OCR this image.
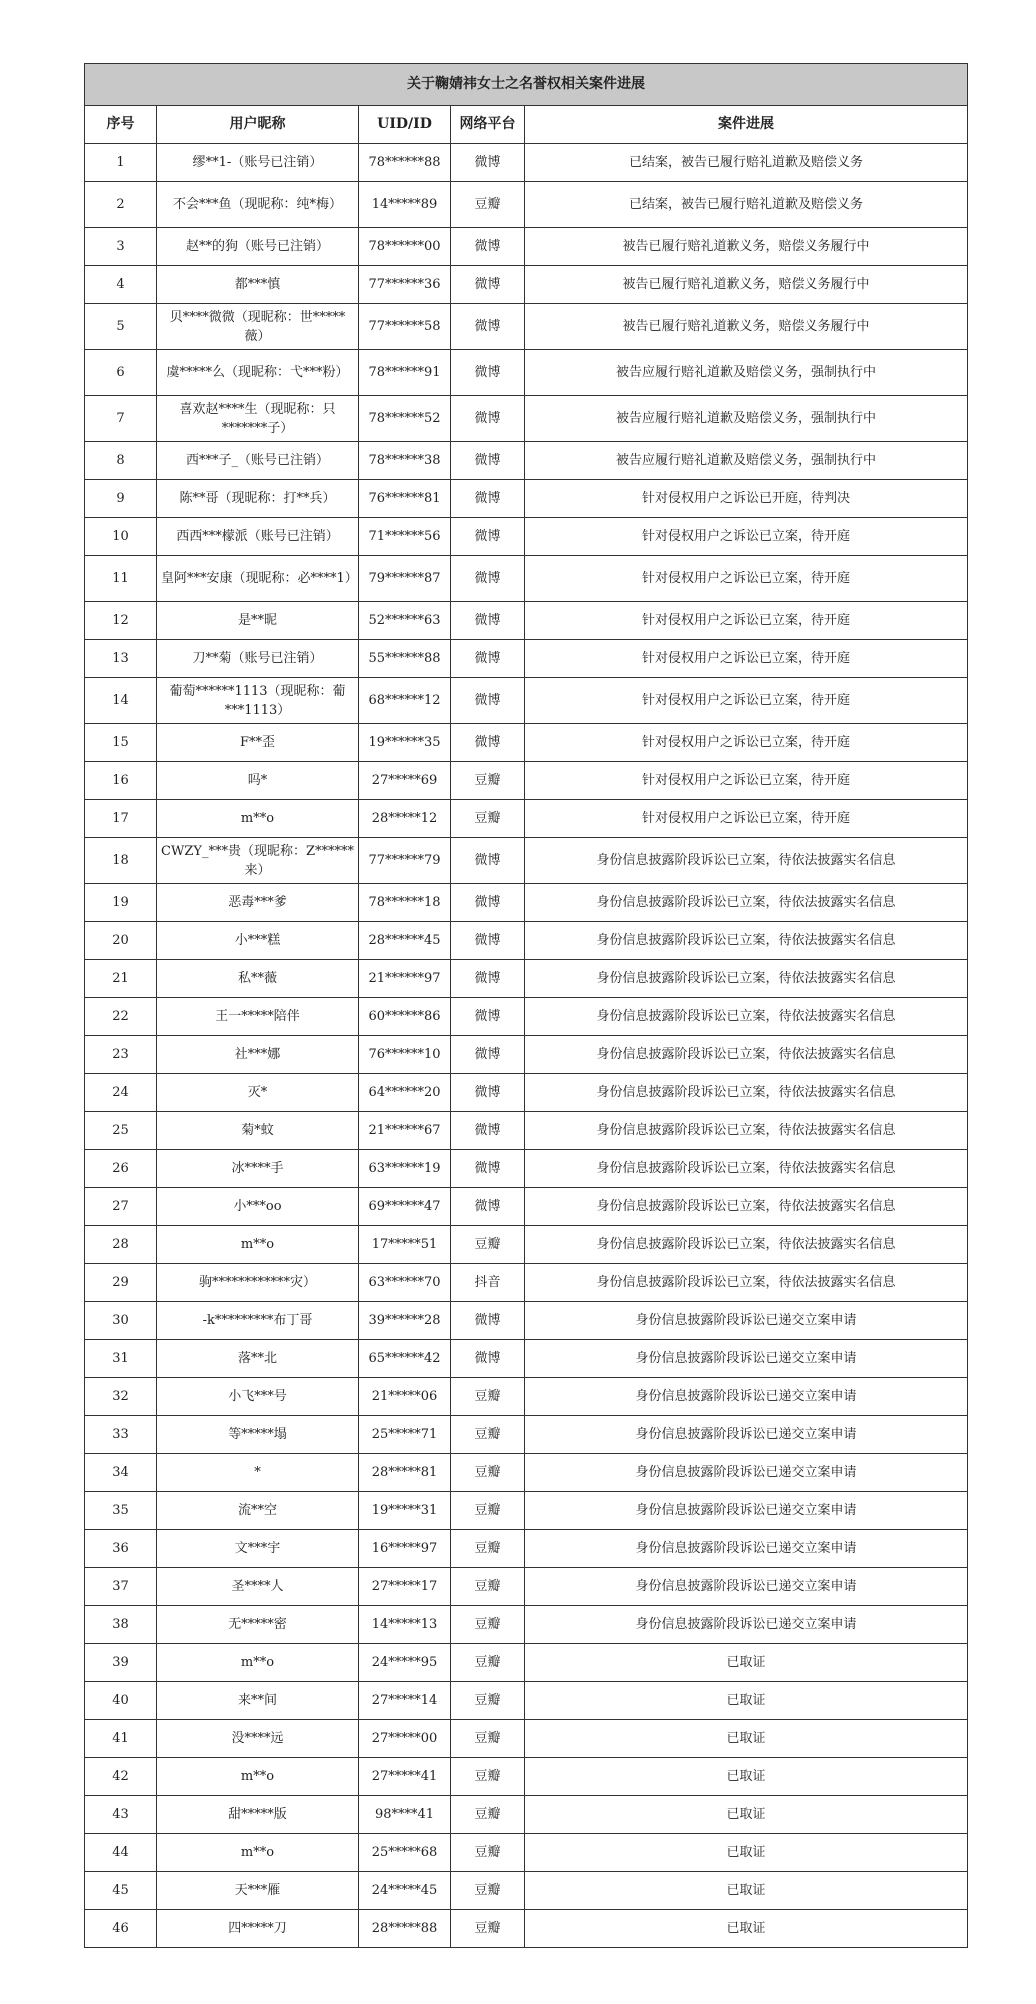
关于鞠婧祎女士之名誉权相关案件进展				
序号	用户昵称	UID/ID	网络平台	案件进展
1	缪**1-（账号已注销）	78******88	微博	已结案，被告已履行赔礼道歉及赔偿义务
2	不会***鱼（现昵称：纯*梅）	14*****89	豆瓣	已结案，被告已履行赔礼道歉及赔偿义务
3	赵**的狗（账号已注销）	78******00	微博	被告已履行赔礼道歉义务，赔偿义务履行中
4	都***慎	77******36	微博	被告已履行赔礼道歉义务，赔偿义务履行中
5	贝****微微（现昵称：世*****薇）	77******58	微博	被告已履行赔礼道歉义务，赔偿义务履行中
6	虞*****么（现昵称：弋***粉）	78******91	微博	被告应履行赔礼道歉及赔偿义务，强制执行中
7	喜欢赵****生（现昵称：只*******子）	78******52	微博	被告应履行赔礼道歉及赔偿义务，强制执行中
8	西***子_（账号已注销）	78******38	微博	被告应履行赔礼道歉及赔偿义务，强制执行中
9	陈**哥（现昵称：打**兵）	76******81	微博	针对侵权用户之诉讼已开庭，待判决
10	西西***檬派（账号已注销）	71******56	微博	针对侵权用户之诉讼已立案，待开庭
11	皇阿***安康（现昵称：必****1）	79******87	微博	针对侵权用户之诉讼已立案，待开庭
12	是**昵	52******63	微博	针对侵权用户之诉讼已立案，待开庭
13	刀**菊（账号已注销）	55******88	微博	针对侵权用户之诉讼已立案，待开庭
14	葡萄******1113（现昵称：葡***1113）	68******12	微博	针对侵权用户之诉讼已立案，待开庭
15	F**歪	19******35	微博	针对侵权用户之诉讼已立案，待开庭
16	吗*	27*****69	豆瓣	针对侵权用户之诉讼已立案，待开庭
17	m**o	28*****12	豆瓣	针对侵权用户之诉讼已立案，待开庭
18	CWZY_***贵（现昵称：Z******来）	77******79	微博	身份信息披露阶段诉讼已立案，待依法披露实名信息
19	恶毒***爹	78******18	微博	身份信息披露阶段诉讼已立案，待依法披露实名信息
20	小***糕	28******45	微博	身份信息披露阶段诉讼已立案，待依法披露实名信息
21	私**薇	21******97	微博	身份信息披露阶段诉讼已立案，待依法披露实名信息
22	王一*****陪伴	60******86	微博	身份信息披露阶段诉讼已立案，待依法披露实名信息
23	社***娜	76******10	微博	身份信息披露阶段诉讼已立案，待依法披露实名信息
24	灭*	64******20	微博	身份信息披露阶段诉讼已立案，待依法披露实名信息
25	菊*蚊	21******67	微博	身份信息披露阶段诉讼已立案，待依法披露实名信息
26	冰****手	63******19	微博	身份信息披露阶段诉讼已立案，待依法披露实名信息
27	小***oo	69******47	微博	身份信息披露阶段诉讼已立案，待依法披露实名信息
28	m**o	17*****51	豆瓣	身份信息披露阶段诉讼已立案，待依法披露实名信息
29	驹************灾）	63******70	抖音	身份信息披露阶段诉讼已立案，待依法披露实名信息
30	-k*********布丁哥	39******28	微博	身份信息披露阶段诉讼已递交立案申请
31	落**北	65******42	微博	身份信息披露阶段诉讼已递交立案申请
32	小飞***号	21*****06	豆瓣	身份信息披露阶段诉讼已递交立案申请
33	等*****塌	25*****71	豆瓣	身份信息披露阶段诉讼已递交立案申请
34	*	28*****81	豆瓣	身份信息披露阶段诉讼已递交立案申请
35	流**空	19*****31	豆瓣	身份信息披露阶段诉讼已递交立案申请
36	文***宇	16*****97	豆瓣	身份信息披露阶段诉讼已递交立案申请
37	圣****人	27*****17	豆瓣	身份信息披露阶段诉讼已递交立案申请
38	无*****密	14*****13	豆瓣	身份信息披露阶段诉讼已递交立案申请
39	m**o	24*****95	豆瓣	已取证
40	来**间	27*****14	豆瓣	已取证
41	没****远	27*****00	豆瓣	已取证
42	m**o	27*****41	豆瓣	已取证
43	甜*****版	98****41	豆瓣	已取证
44	m**o	25*****68	豆瓣	已取证
45	天***雁	24*****45	豆瓣	已取证
46	四*****刀	28*****88	豆瓣	已取证
